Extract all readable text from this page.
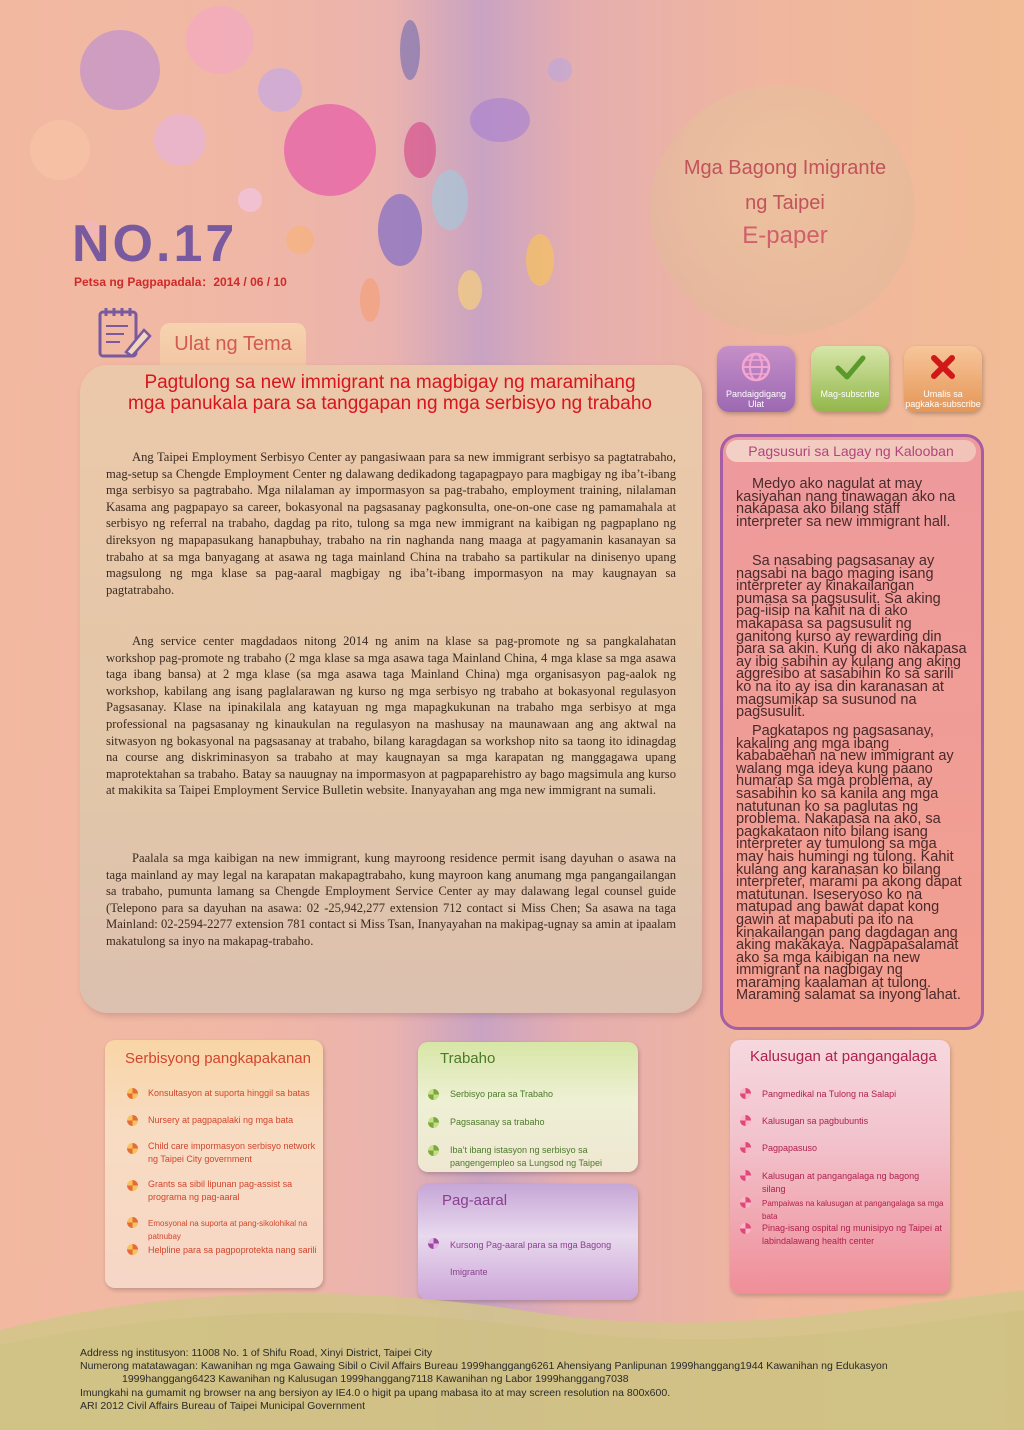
Mga Bagong Imigrante
ng Taipei
E-paper
NO.17
Petsa ng Pagpapadala：2014 / 06 / 10
Ulat ng Tema
Pagtulong sa new immigrant na magbigay ng maramihang
mga panukala para sa tanggapan ng mga serbisyo ng trabaho
Ang Taipei Employment Serbisyo Center ay pangasiwaan para sa new immigrant serbisyo sa pagtatrabaho, mag-setup sa Chengde Employment Center ng dalawang dedikadong tagapagpayo para magbigay ng iba’t-ibang mga serbisyo sa pagtrabaho. Mga nilalaman ay impormasyon sa pag-trabaho, employment training, nilalaman Kasama ang pagpapayo sa career, bokasyonal na pagsasanay pagkonsulta, one-on-one case ng pamamahala at serbisyo ng referral na trabaho, dagdag pa rito, tulong sa mga new immigrant na kaibigan ng pagpaplano ng direksyon ng mapapasukang hanapbuhay, trabaho na rin naghanda nang maaga at pagyamanin kasanayan sa trabaho at sa mga banyagang at asawa ng taga mainland China na trabaho sa partikular na dinisenyo upang magsulong ng mga klase sa pag-aaral magbigay ng iba’t-ibang impormasyon na may kaugnayan sa pagtatrabaho.
Ang service center magdadaos nitong 2014 ng anim na klase sa pag-promote ng sa pangkalahatan workshop pag-promote ng trabaho (2 mga klase sa mga asawa taga Mainland China, 4 mga klase sa mga asawa taga ibang bansa) at 2 mga klase (sa mga asawa taga Mainland China) mga organisasyon pag-aalok ng workshop, kabilang ang isang paglalarawan ng kurso ng mga serbisyo ng trabaho at bokasyonal regulasyon Pagsasanay. Klase na ipinakilala ang katayuan ng mga mapagkukunan na trabaho mga serbisyo at mga professional na pagsasanay ng kinaukulan na regulasyon na mashusay na maunawaan ang ang aktwal na sitwasyon ng bokasyonal na pagsasanay at trabaho, bilang karagdagan sa workshop nito sa taong ito idinagdag na course ang diskriminasyon sa trabaho at may kaugnayan sa mga karapatan ng manggagawa upang maprotektahan sa trabaho. Batay sa nauugnay na impormasyon at pagpaparehistro ay bago magsimula ang kurso at makikita sa Taipei Employment Service Bulletin website. Inanyayahan ang mga new immigrant na sumali.
Paalala sa mga kaibigan na new immigrant, kung mayroong residence permit isang dayuhan o asawa na taga mainland ay may legal na karapatan makapagtrabaho, kung mayroon kang anumang mga pangangailangan sa trabaho, pumunta lamang sa Chengde Employment Service Center ay may dalawang legal counsel guide (Telepono para sa dayuhan na asawa: 02 -25,942,277 extension 712 contact si Miss Chen; Sa asawa na taga Mainland: 02-2594-2277 extension 781 contact si Miss Tsan, Inanyayahan na makipag-ugnay sa amin at ipaalam makatulong sa inyo na makapag-trabaho.
Pandaigdigang Ulat
Mag-subscribe	Umalis sa pagkaka-subscribe
Pagsusuri sa Lagay ng Kalooban
Medyo ako nagulat at may kasiyahan nang tinawagan ako na nakapasa ako bilang staff interpreter sa new immigrant hall.
Sa nasabing pagsasanay ay nagsabi na bago maging isang interpreter ay kinakailangan pumasa sa pagsusulit. Sa aking pag-iisip na kahit na di ako makapasa sa pagsusulit ng ganitong kurso ay rewarding din para sa akin. Kung di ako nakapasa ay ibig sabihin ay kulang ang aking aggresibo at sasabihin ko sa sarili ko na ito ay isa din karanasan at magsumikap sa susunod na pagsusulit.
Pagkatapos ng pagsasanay, kakaling ang mga ibang kababaehan na new immigrant ay walang mga ideya kung paano humarap sa mga problema, ay sasabihin ko sa kanila ang mga natutunan ko sa paglutas ng problema. Nakapasa na ako, sa pagkakataon nito bilang isang interpreter ay tumulong sa mga may hais humingi ng tulong. Kahit kulang ang karanasan ko bilang interpreter, marami pa akong dapat matutunan. Iseseryoso ko na matupad ang bawat dapat kong gawin at mapabuti pa ito na kinakailangan pang dagdagan ang aking makakaya. Nagpapasalamat ako sa mga kaibigan na new immigrant na nagbigay ng maraming kaalaman at tulong. Maraming salamat sa inyong lahat.
Serbisyong pangkapakanan
Konsultasyon at suporta hinggil sa batas
Nursery at pagpapalaki ng mga bata
Child care impormasyon serbisyo network ng Taipei City government
Grants sa sibil lipunan pag-assist sa programa ng pag-aaral
Emosyonal na suporta at pang-sikolohikal na patnubay
Helpline para sa pagpoprotekta nang sarili
Trabaho
Serbisyo para sa Trabaho
Pagsasanay sa trabaho
Iba’t ibang istasyon ng serbisyo sa pangengempleo sa Lungsod ng Taipei
Pag-aaral
Kursong Pag-aaral para sa mga Bagong Imigrante
Kalusugan at pangangalaga
Pangmedikal na Tulong na Salapi
Kalusugan sa pagbubuntis
Pagpapasuso
Kalusugan at pangangalaga ng bagong silang
Pampaiwas na kalusugan at pangangalaga sa mga bata
Pinag-isang ospital ng munisipyo ng Taipei at labindalawang health center
Address ng institusyon: 11008 No. 1 of Shifu Road, Xinyi District, Taipei City
Numerong matatawagan: Kawanihan ng mga Gawaing Sibil o Civil Affairs Bureau 1999hanggang6261 Ahensiyang Panlipunan 1999hanggang1944 Kawanihan ng Edukasyon
1999hanggang6423 Kawanihan ng Kalusugan 1999hanggang7118 Kawanihan ng Labor 1999hanggang7038
Imungkahi na gumamit ng browser na ang bersiyon ay IE4.0 o higit pa upang mabasa ito at may screen resolution na 800x600.
ARI 2012 Civil Affairs Bureau of Taipei Municipal Government
